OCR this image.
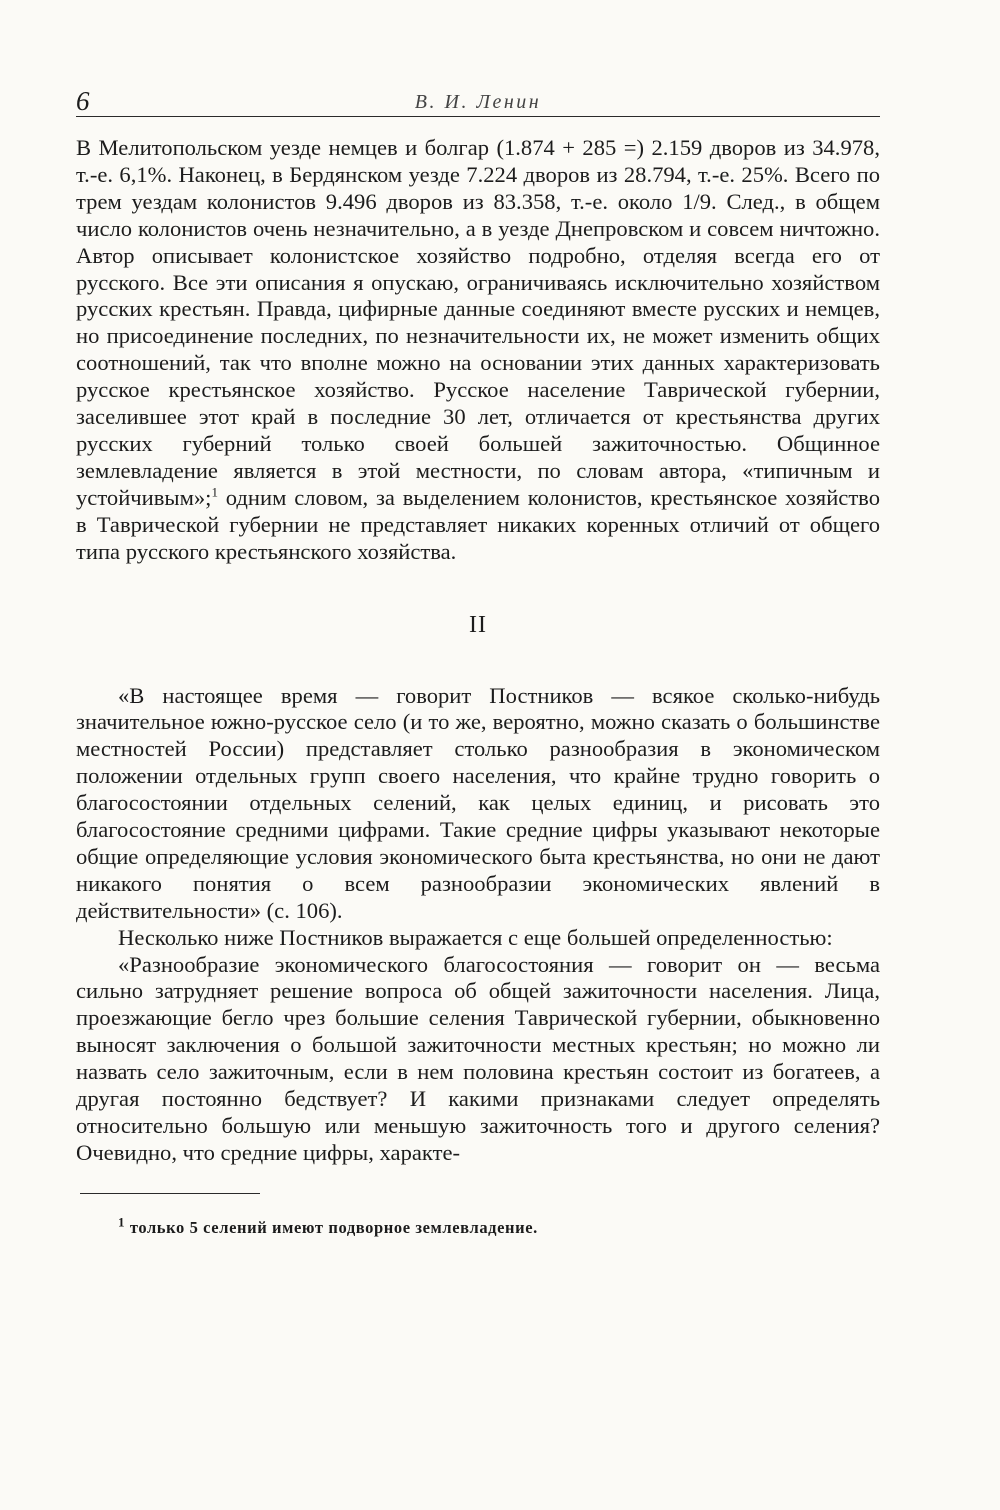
6	В. И. Ленин

В Мелитопольском уезде немцев и болгар (1.874 + 285 =) 2.159 дворов из 34.978, т.-е. 6,1%. Наконец, в Бердянском уезде 7.224 дворов из 28.794, т.-е. 25%. Всего по трем уездам колонистов 9.496 дворов из 83.358, т.-е. около 1/9. След., в общем число колонистов очень незначительно, а в уезде Днепровском и совсем ничтожно. Автор описывает колонистское хозяйство подробно, отделяя всегда его от русского. Все эти описания я опускаю, ограничиваясь исключительно хозяйством русских крестьян. Правда, цифирные данные соединяют вместе русских и немцев, но присоединение последних, по незначительности их, не может изменить общих соотношений, так что вполне можно на основании этих данных характеризовать русское крестьянское хозяйство. Русское население Таврической губернии, заселившее этот край в последние 30 лет, отличается от крестьянства других русских губерний только своей большей зажиточностью. Общинное землевладение является в этой местности, по словам автора, «типичным и устойчивым»;$^1$ одним словом, за выделением колонистов, крестьянское хозяйство в Таврической губернии не представляет никаких коренных отличий от общего типа русского крестьянского хозяйства.

II

«В настоящее время — говорит Постников — всякое сколько-нибудь значительное южно-русское село (и то же, вероятно, можно сказать о большинстве местностей России) представляет столько разнообразия в экономическом положении отдельных групп своего населения, что крайне трудно говорить о благосостоянии отдельных селений, как целых единиц, и рисовать это благосостояние средними цифрами. Такие средние цифры указывают некоторые общие определяющие условия экономического быта крестьянства, но они не дают никакого понятия о всем разнообразии экономических явлений в действительности» (с. 106).

Несколько ниже Постников выражается с еще большей определенностью:

«Разнообразие экономического благосостояния — говорит он — весьма сильно затрудняет решение вопроса об общей зажиточности населения. Лица, проезжающие бегло чрез большие селения Таврической губернии, обыкновенно выносят заключения о большой зажиточности местных крестьян; но можно ли назвать село зажиточным, если в нем половина крестьян состоит из богатеев, а другая постоянно бедствует? И какими признаками следует определять относительно большую или меньшую зажиточность того и другого селения? Очевидно, что средние цифры, характе-

$^1$ только 5 селений имеют подворное землевладение.
